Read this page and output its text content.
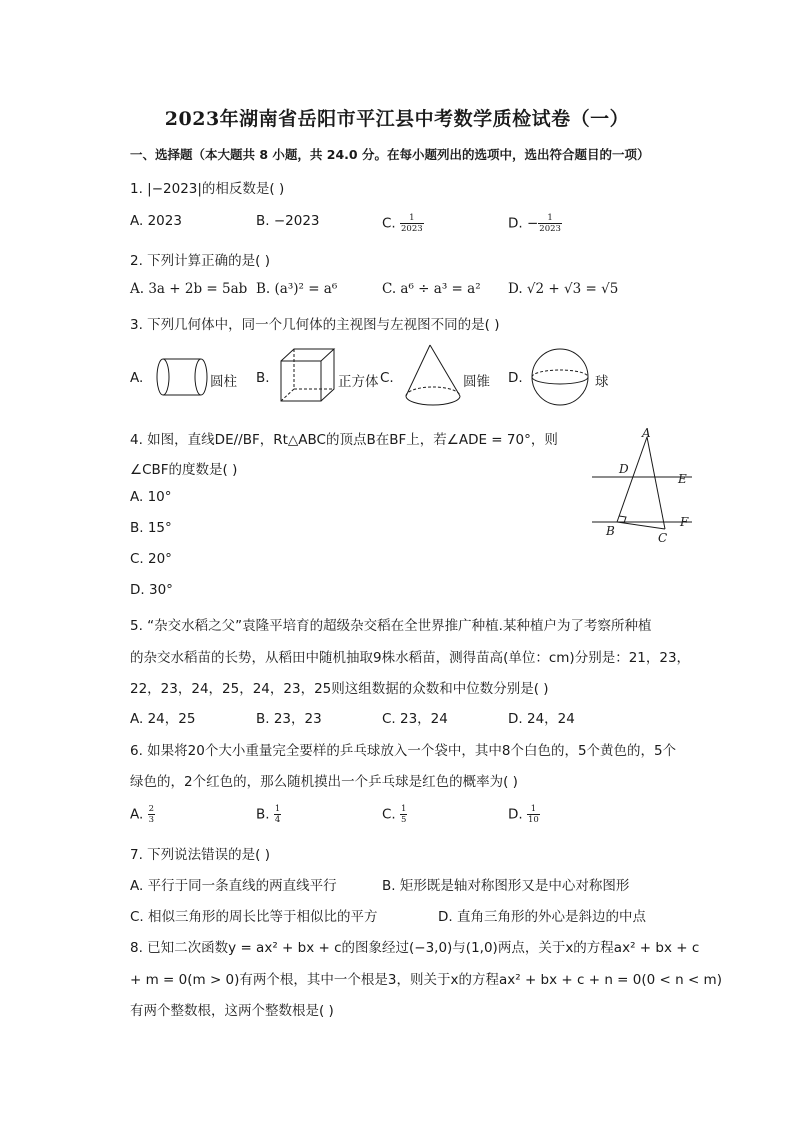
2023年湖南省岳阳市平江县中考数学质检试卷（一）
一、选择题（本大题共 8 小题，共 24.0 分。在每小题列出的选项中，选出符合题目的一项）
1. |−2023|的相反数是( )
A. 2023	B. −2023	C. $\frac{1}{2023}$	D. − $\frac{1}{2023}$
2. 下列计算正确的是( )
A. 3a + 2b = 5ab B. (a³)² = a⁶	C. a⁶ ÷ a³ = a² D. √2 + √3 = √5
3. 下列几何体中，同一个几何体的主视图与左视图不同的是( )
A.	圆柱 B.	正方体 C.	圆锥 D.	球
4. 如图，直线DE//BF，Rt△ABC的顶点B在BF上，若∠ADE = 70°，则
∠CBF的度数是( )
A. 10°
B. 15°
C. 20°
D. 30°
A
D
E
F
B	C
5. “杂交水稻之父”袁隆平培育的超级杂交稻在全世界推广种植.某种植户为了考察所种植
的杂交水稻苗的长势，从稻田中随机抽取9株水稻苗，测得苗高(单位：cm)分别是：21，23，
22，23，24，25，24，23，25则这组数据的众数和中位数分别是( )
A. 24，25	B. 23，23	C. 23，24	D. 24，24
6. 如果将20个大小重量完全要样的乒乓球放入一个袋中，其中8个白色的，5个黄色的，5个
绿色的，2个红色的，那么随机摸出一个乒乓球是红色的概率为( )
A. $\frac{2}{3}$	B. $\frac{1}{4}$	C. $\frac{1}{5}$	D. $\frac{1}{10}$
7. 下列说法错误的是( )
A. 平行于同一条直线的两直线平行	B. 矩形既是轴对称图形又是中心对称图形
C. 相似三角形的周长比等于相似比的平方	D. 直角三角形的外心是斜边的中点
8. 已知二次函数y = ax² + bx + c的图象经过(−3,0)与(1,0)两点，关于x的方程ax² + bx + c
+ m = 0(m > 0)有两个根，其中一个根是3，则关于x的方程ax² + bx + c + n = 0(0 < n < m)
有两个整数根，这两个整数根是( )
